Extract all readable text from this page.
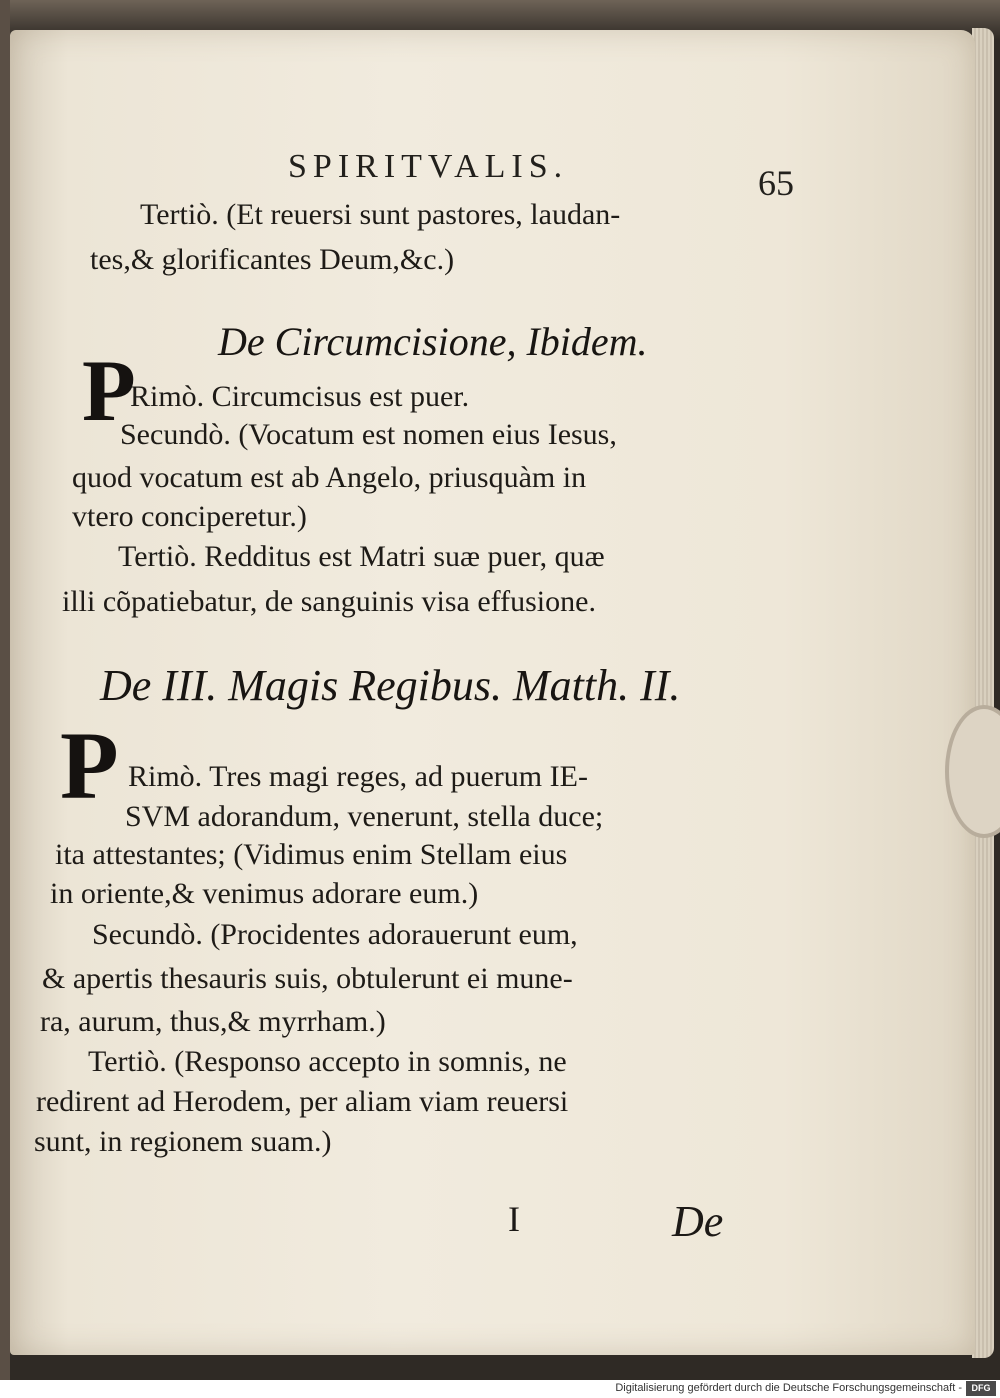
SPIRITVALIS.	65
Tertiò. (Et reuersi sunt pastores, laudan-
tes,& glorificantes Deum,&c.)
De Circumcisione, Ibidem.
P
Rimò. Circumcisus est puer.
Secundò. (Vocatum est nomen eius Iesus,
quod vocatum est ab Angelo, priusquàm in
vtero conciperetur.)
Tertiò. Redditus est Matri suæ puer, quæ
illi cõpatiebatur, de sanguinis visa effusione.
De III. Magis Regibus. Matth. II.
P Rimò. Tres magi reges, ad puerum IE-
SVM adorandum, venerunt, stella duce;
ita attestantes; (Vidimus enim Stellam eius
in oriente,& venimus adorare eum.)
Secundò. (Procidentes adorauerunt eum,
& apertis thesauris suis, obtulerunt ei mune-
ra, aurum, thus,& myrrham.)
Tertiò. (Responso accepto in somnis, ne
redirent ad Herodem, per aliam viam reuersi
sunt, in regionem suam.)
I	De
Digitalisierung gefördert durch die Deutsche Forschungsgemeinschaft -	DFG
